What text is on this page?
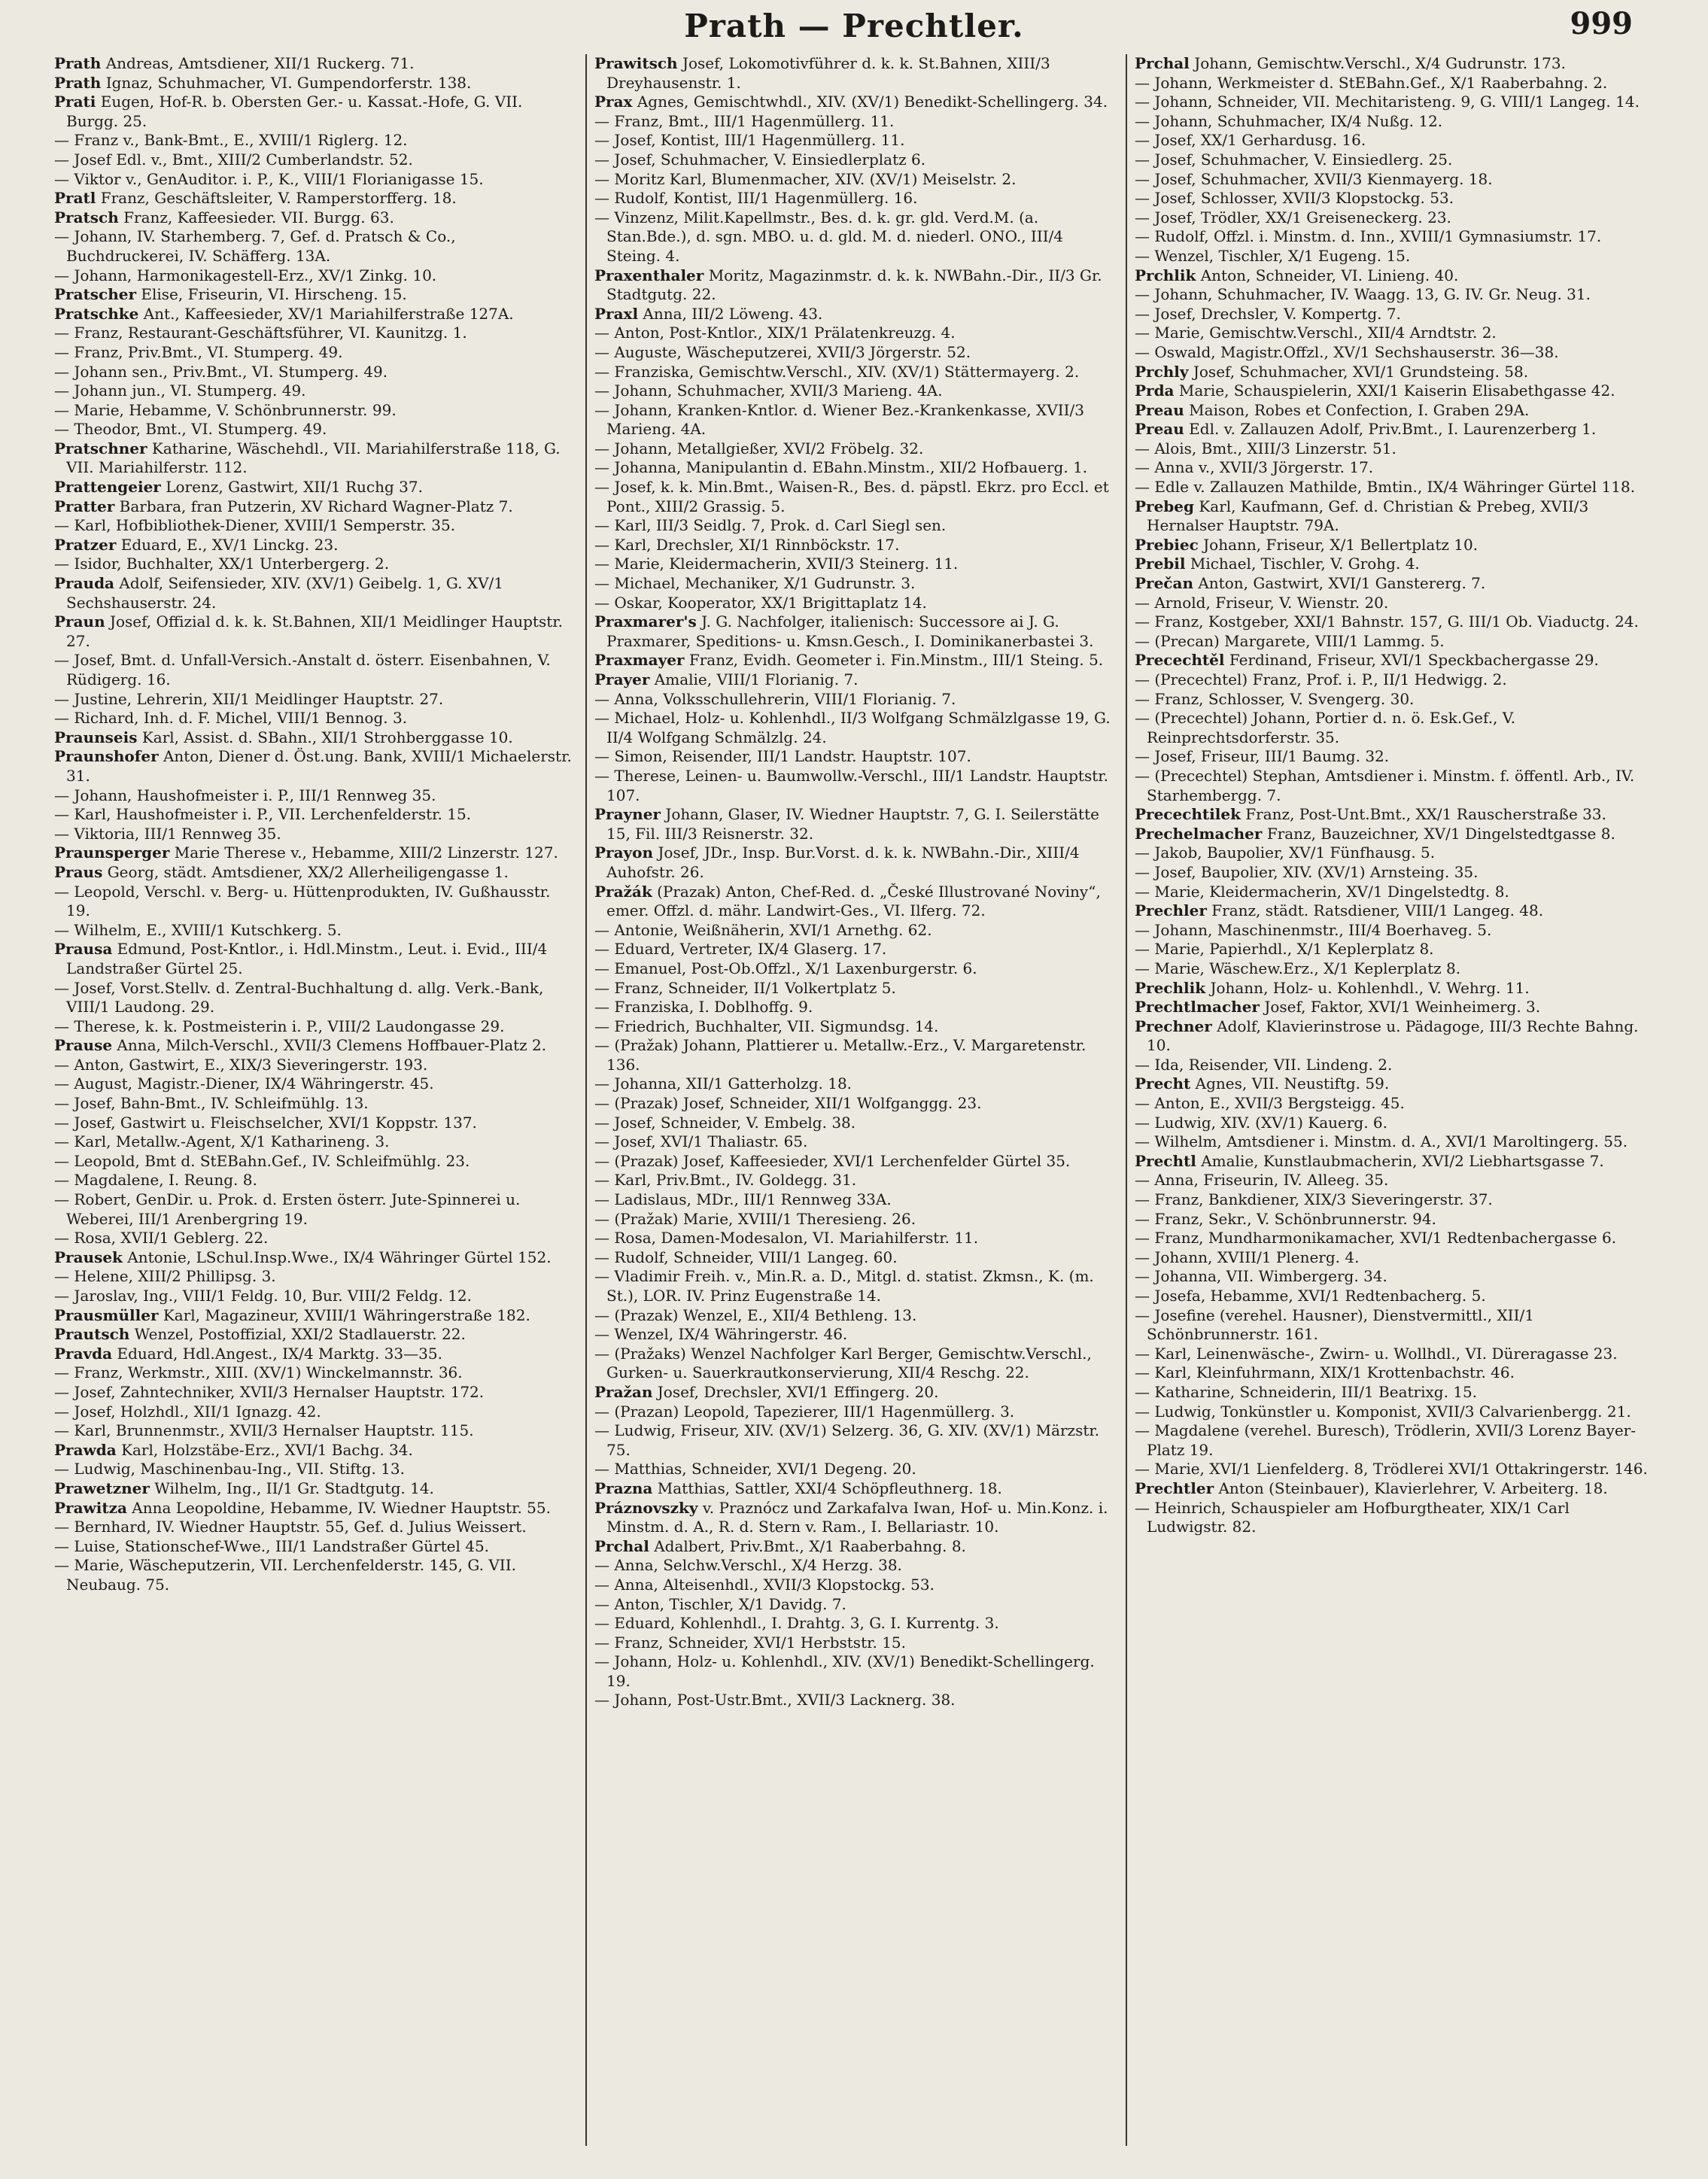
Prath — Prechtler.	999
Prath Andreas, Amtsdiener, XII/1 Ruckerg. 71.
Prath Ignaz, Schuhmacher, VI. Gumpendorferstr. 138.
Prati Eugen, Hof-R. b. Obersten Ger.- u. Kassat.-Hofe, G. VII. Burgg. 25.
— Franz v., Bank-Bmt., E., XVIII/1 Riglerg. 12.
— Josef Edl. v., Bmt., XIII/2 Cumberlandstr. 52.
— Viktor v., GenAuditor. i. P., K., VIII/1 Florianigasse 15.
Pratl Franz, Geschäftsleiter, V. Ramperstorfferg. 18.
Pratsch Franz, Kaffeesieder. VII. Burgg. 63.
— Johann, IV. Starhemberg. 7, Gef. d. Pratsch & Co., Buchdruckerei, IV. Schäfferg. 13A.
— Johann, Harmonikagestell-Erz., XV/1 Zinkg. 10.
Pratscher Elise, Friseurin, VI. Hirscheng. 15.
Pratschke Ant., Kaffeesieder, XV/1 Mariahilferstraße 127A.
— Franz, Restaurant-Geschäftsführer, VI. Kaunitzg. 1.
— Franz, Priv.Bmt., VI. Stumperg. 49.
— Johann sen., Priv.Bmt., VI. Stumperg. 49.
— Johann jun., VI. Stumperg. 49.
— Marie, Hebamme, V. Schönbrunnerstr. 99.
— Theodor, Bmt., VI. Stumperg. 49.
Pratschner Katharine, Wäschehdl., VII. Mariahilferstraße 118, G. VII. Mariahilferstr. 112.
Prattengeier Lorenz, Gastwirt, XII/1 Ruchg 37.
Pratter Barbara, fran Putzerin, XV Richard Wagner-Platz 7.
— Karl, Hofbibliothek-Diener, XVIII/1 Semperstr. 35.
Pratzer Eduard, E., XV/1 Linckg. 23.
— Isidor, Buchhalter, XX/1 Unterbergerg. 2.
Prauda Adolf, Seifensieder, XIV. (XV/1) Geibelg. 1, G. XV/1 Sechshauserstr. 24.
Praun Josef, Offizial d. k. k. St.Bahnen, XII/1 Meidlinger Hauptstr. 27.
— Josef, Bmt. d. Unfall-Versich.-Anstalt d. österr. Eisenbahnen, V. Rüdigerg. 16.
— Justine, Lehrerin, XII/1 Meidlinger Hauptstr. 27.
— Richard, Inh. d. F. Michel, VIII/1 Bennog. 3.
Praunseis Karl, Assist. d. SBahn., XII/1 Strohberggasse 10.
Praunshofer Anton, Diener d. Öst.ung. Bank, XVIII/1 Michaelerstr. 31.
— Johann, Haushofmeister i. P., III/1 Rennweg 35.
— Karl, Haushofmeister i. P., VII. Lerchenfelderstr. 15.
— Viktoria, III/1 Rennweg 35.
Praunsperger Marie Therese v., Hebamme, XIII/2 Linzerstr. 127.
Praus Georg, städt. Amtsdiener, XX/2 Allerheiligengasse 1.
— Leopold, Verschl. v. Berg- u. Hüttenprodukten, IV. Gußhausstr. 19.
— Wilhelm, E., XVIII/1 Kutschkerg. 5.
Prausa Edmund, Post-Kntlor., i. Hdl.Minstm., Leut. i. Evid., III/4 Landstraßer Gürtel 25.
— Josef, Vorst.Stellv. d. Zentral-Buchhaltung d. allg. Verk.-Bank, VIII/1 Laudong. 29.
— Therese, k. k. Postmeisterin i. P., VIII/2 Laudongasse 29.
Prause Anna, Milch-Verschl., XVII/3 Clemens Hoffbauer-Platz 2.
— Anton, Gastwirt, E., XIX/3 Sieveringerstr. 193.
— August, Magistr.-Diener, IX/4 Währingerstr. 45.
— Josef, Bahn-Bmt., IV. Schleifmühlg. 13.
— Josef, Gastwirt u. Fleischselcher, XVI/1 Koppstr. 137.
— Karl, Metallw.-Agent, X/1 Katharineng. 3.
— Leopold, Bmt d. StEBahn.Gef., IV. Schleifmühlg. 23.
— Magdalene, I. Reung. 8.
— Robert, GenDir. u. Prok. d. Ersten österr. Jute-Spinnerei u. Weberei, III/1 Arenbergring 19.
— Rosa, XVII/1 Geblerg. 22.
Prausek Antonie, LSchul.Insp.Wwe., IX/4 Währinger Gürtel 152.
— Helene, XIII/2 Phillipsg. 3.
— Jaroslav, Ing., VIII/1 Feldg. 10, Bur. VIII/2 Feldg. 12.
Prausmüller Karl, Magazineur, XVIII/1 Währingerstraße 182.
Prautsch Wenzel, Postoffizial, XXI/2 Stadlauerstr. 22.
Pravda Eduard, Hdl.Angest., IX/4 Marktg. 33—35.
— Franz, Werkmstr., XIII. (XV/1) Winckelmannstr. 36.
— Josef, Zahntechniker, XVII/3 Hernalser Hauptstr. 172.
— Josef, Holzhdl., XII/1 Ignazg. 42.
— Karl, Brunnenmstr., XVII/3 Hernalser Hauptstr. 115.
Prawda Karl, Holzstäbe-Erz., XVI/1 Bachg. 34.
— Ludwig, Maschinenbau-Ing., VII. Stiftg. 13.
Prawetzner Wilhelm, Ing., II/1 Gr. Stadtgutg. 14.
Prawitza Anna Leopoldine, Hebamme, IV. Wiedner Hauptstr. 55.
— Bernhard, IV. Wiedner Hauptstr. 55, Gef. d. Julius Weissert.
— Luise, Stationschef-Wwe., III/1 Landstraßer Gürtel 45.
— Marie, Wäscheputzerin, VII. Lerchenfelderstr. 145, G. VII. Neubaug. 75.
Prawitsch Josef, Lokomotivführer d. k. k. St.Bahnen, XIII/3 Dreyhausenstr. 1.
Prax Agnes, Gemischtwhdl., XIV. (XV/1) Benedikt-Schellingerg. 34.
— Franz, Bmt., III/1 Hagenmüllerg. 11.
— Josef, Kontist, III/1 Hagenmüllerg. 11.
— Josef, Schuhmacher, V. Einsiedlerplatz 6.
— Moritz Karl, Blumenmacher, XIV. (XV/1) Meiselstr. 2.
— Rudolf, Kontist, III/1 Hagenmüllerg. 16.
— Vinzenz, Milit.Kapellmstr., Bes. d. k. gr. gld. Verd.M. (a. Stan.Bde.), d. sgn. MBO. u. d. gld. M. d. niederl. ONO., III/4 Steing. 4.
Praxenthaler Moritz, Magazinmstr. d. k. k. NWBahn.-Dir., II/3 Gr. Stadtgutg. 22.
Praxl Anna, III/2 Löweng. 43.
— Anton, Post-Kntlor., XIX/1 Prälatenkreuzg. 4.
— Auguste, Wäscheputzerei, XVII/3 Jörgerstr. 52.
— Franziska, Gemischtw.Verschl., XIV. (XV/1) Stättermayerg. 2.
— Johann, Schuhmacher, XVII/3 Marieng. 4A.
— Johann, Kranken-Kntlor. d. Wiener Bez.-Krankenkasse, XVII/3 Marieng. 4A.
— Johann, Metallgießer, XVI/2 Fröbelg. 32.
— Johanna, Manipulantin d. EBahn.Minstm., XII/2 Hofbauerg. 1.
— Josef, k. k. Min.Bmt., Waisen-R., Bes. d. päpstl. Ekrz. pro Eccl. et Pont., XIII/2 Grassig. 5.
— Karl, III/3 Seidlg. 7, Prok. d. Carl Siegl sen.
— Karl, Drechsler, XI/1 Rinnböckstr. 17.
— Marie, Kleidermacherin, XVII/3 Steinerg. 11.
— Michael, Mechaniker, X/1 Gudrunstr. 3.
— Oskar, Kooperator, XX/1 Brigittaplatz 14.
Praxmarer's J. G. Nachfolger, italienisch: Successore ai J. G. Praxmarer, Speditions- u. Kmsn.Gesch., I. Dominikanerbastei 3.
Praxmayer Franz, Evidh. Geometer i. Fin.Minstm., III/1 Steing. 5.
Prayer Amalie, VIII/1 Florianig. 7.
— Anna, Volksschullehrerin, VIII/1 Florianig. 7.
— Michael, Holz- u. Kohlenhdl., II/3 Wolfgang Schmälzlgasse 19, G. II/4 Wolfgang Schmälzlg. 24.
— Simon, Reisender, III/1 Landstr. Hauptstr. 107.
— Therese, Leinen- u. Baumwollw.-Verschl., III/1 Landstr. Hauptstr. 107.
Prayner Johann, Glaser, IV. Wiedner Hauptstr. 7, G. I. Seilerstätte 15, Fil. III/3 Reisnerstr. 32.
Prayon Josef, JDr., Insp. Bur.Vorst. d. k. k. NWBahn.-Dir., XIII/4 Auhofstr. 26.
Pražák (Prazak) Anton, Chef-Red. d. „České Illustrované Noviny“, emer. Offzl. d. mähr. Landwirt-Ges., VI. Ilferg. 72.
— Antonie, Weißnäherin, XVI/1 Arnethg. 62.
— Eduard, Vertreter, IX/4 Glaserg. 17.
— Emanuel, Post-Ob.Offzl., X/1 Laxenburgerstr. 6.
— Franz, Schneider, II/1 Volkertplatz 5.
— Franziska, I. Doblhoffg. 9.
— Friedrich, Buchhalter, VII. Sigmundsg. 14.
— (Pražak) Johann, Plattierer u. Metallw.-Erz., V. Margaretenstr. 136.
— Johanna, XII/1 Gatterholzg. 18.
— (Prazak) Josef, Schneider, XII/1 Wolfganggg. 23.
— Josef, Schneider, V. Embelg. 38.
— Josef, XVI/1 Thaliastr. 65.
— (Prazak) Josef, Kaffeesieder, XVI/1 Lerchenfelder Gürtel 35.
— Karl, Priv.Bmt., IV. Goldegg. 31.
— Ladislaus, MDr., III/1 Rennweg 33A.
— (Pražak) Marie, XVIII/1 Theresieng. 26.
— Rosa, Damen-Modesalon, VI. Mariahilferstr. 11.
— Rudolf, Schneider, VIII/1 Langeg. 60.
— Vladimir Freih. v., Min.R. a. D., Mitgl. d. statist. Zkmsn., K. (m. St.), LOR. IV. Prinz Eugenstraße 14.
— (Prazak) Wenzel, E., XII/4 Bethleng. 13.
— Wenzel, IX/4 Währingerstr. 46.
— (Pražaks) Wenzel Nachfolger Karl Berger, Gemischtw.Verschl., Gurken- u. Sauerkrautkonservierung, XII/4 Reschg. 22.
Pražan Josef, Drechsler, XVI/1 Effingerg. 20.
— (Prazan) Leopold, Tapezierer, III/1 Hagenmüllerg. 3.
— Ludwig, Friseur, XIV. (XV/1) Selzerg. 36, G. XIV. (XV/1) Märzstr. 75.
— Matthias, Schneider, XVI/1 Degeng. 20.
Prazna Matthias, Sattler, XXI/4 Schöpfleuthnerg. 18.
Práznovszky v. Praznócz und Zarkafalva Iwan, Hof- u. Min.Konz. i. Minstm. d. A., R. d. Stern v. Ram., I. Bellariastr. 10.
Prchal Adalbert, Priv.Bmt., X/1 Raaberbahng. 8.
— Anna, Selchw.Verschl., X/4 Herzg. 38.
— Anna, Alteisenhdl., XVII/3 Klopstockg. 53.
— Anton, Tischler, X/1 Davidg. 7.
— Eduard, Kohlenhdl., I. Drahtg. 3, G. I. Kurrentg. 3.
— Franz, Schneider, XVI/1 Herbststr. 15.
— Johann, Holz- u. Kohlenhdl., XIV. (XV/1) Benedikt-Schellingerg. 19.
— Johann, Post-Ustr.Bmt., XVII/3 Lacknerg. 38.
Prchal Johann, Gemischtw.Verschl., X/4 Gudrunstr. 173.
— Johann, Werkmeister d. StEBahn.Gef., X/1 Raaberbahng. 2.
— Johann, Schneider, VII. Mechitaristeng. 9, G. VIII/1 Langeg. 14.
— Johann, Schuhmacher, IX/4 Nußg. 12.
— Josef, XX/1 Gerhardusg. 16.
— Josef, Schuhmacher, V. Einsiedlerg. 25.
— Josef, Schuhmacher, XVII/3 Kienmayerg. 18.
— Josef, Schlosser, XVII/3 Klopstockg. 53.
— Josef, Trödler, XX/1 Greiseneckerg. 23.
— Rudolf, Offzl. i. Minstm. d. Inn., XVIII/1 Gymnasiumstr. 17.
— Wenzel, Tischler, X/1 Eugeng. 15.
Prchlik Anton, Schneider, VI. Linieng. 40.
— Johann, Schuhmacher, IV. Waagg. 13, G. IV. Gr. Neug. 31.
— Josef, Drechsler, V. Kompertg. 7.
— Marie, Gemischtw.Verschl., XII/4 Arndtstr. 2.
— Oswald, Magistr.Offzl., XV/1 Sechshauserstr. 36—38.
Prchly Josef, Schuhmacher, XVI/1 Grundsteing. 58.
Prda Marie, Schauspielerin, XXI/1 Kaiserin Elisabethgasse 42.
Preau Maison, Robes et Confection, I. Graben 29A.
Preau Edl. v. Zallauzen Adolf, Priv.Bmt., I. Laurenzerberg 1.
— Alois, Bmt., XIII/3 Linzerstr. 51.
— Anna v., XVII/3 Jörgerstr. 17.
— Edle v. Zallauzen Mathilde, Bmtin., IX/4 Währinger Gürtel 118.
Prebeg Karl, Kaufmann, Gef. d. Christian & Prebeg, XVII/3 Hernalser Hauptstr. 79A.
Prebiec Johann, Friseur, X/1 Bellertplatz 10.
Prebil Michael, Tischler, V. Grohg. 4.
Prečan Anton, Gastwirt, XVI/1 Ganstererg. 7.
— Arnold, Friseur, V. Wienstr. 20.
— Franz, Kostgeber, XXI/1 Bahnstr. 157, G. III/1 Ob. Viaductg. 24.
— (Precan) Margarete, VIII/1 Lammg. 5.
Precechtěl Ferdinand, Friseur, XVI/1 Speckbachergasse 29.
— (Precechtel) Franz, Prof. i. P., II/1 Hedwigg. 2.
— Franz, Schlosser, V. Svengerg. 30.
— (Precechtel) Johann, Portier d. n. ö. Esk.Gef., V. Reinprechtsdorferstr. 35.
— Josef, Friseur, III/1 Baumg. 32.
— (Precechtel) Stephan, Amtsdiener i. Minstm. f. öffentl. Arb., IV. Starhembergg. 7.
Precechtilek Franz, Post-Unt.Bmt., XX/1 Rauscherstraße 33.
Prechelmacher Franz, Bauzeichner, XV/1 Dingelstedtgasse 8.
— Jakob, Baupolier, XV/1 Fünfhausg. 5.
— Josef, Baupolier, XIV. (XV/1) Arnsteing. 35.
— Marie, Kleidermacherin, XV/1 Dingelstedtg. 8.
Prechler Franz, städt. Ratsdiener, VIII/1 Langeg. 48.
— Johann, Maschinenmstr., III/4 Boerhaveg. 5.
— Marie, Papierhdl., X/1 Keplerplatz 8.
— Marie, Wäschew.Erz., X/1 Keplerplatz 8.
Prechlik Johann, Holz- u. Kohlenhdl., V. Wehrg. 11.
Prechtlmacher Josef, Faktor, XVI/1 Weinheimerg. 3.
Prechner Adolf, Klavierinstrose u. Pädagoge, III/3 Rechte Bahng. 10.
— Ida, Reisender, VII. Lindeng. 2.
Precht Agnes, VII. Neustiftg. 59.
— Anton, E., XVII/3 Bergsteigg. 45.
— Ludwig, XIV. (XV/1) Kauerg. 6.
— Wilhelm, Amtsdiener i. Minstm. d. A., XVI/1 Maroltingerg. 55.
Prechtl Amalie, Kunstlaubmacherin, XVI/2 Liebhartsgasse 7.
— Anna, Friseurin, IV. Alleeg. 35.
— Franz, Bankdiener, XIX/3 Sieveringerstr. 37.
— Franz, Sekr., V. Schönbrunnerstr. 94.
— Franz, Mundharmonikamacher, XVI/1 Redtenbachergasse 6.
— Johann, XVIII/1 Plenerg. 4.
— Johanna, VII. Wimbergerg. 34.
— Josefa, Hebamme, XVI/1 Redtenbacherg. 5.
— Josefine (verehel. Hausner), Dienstvermittl., XII/1 Schönbrunnerstr. 161.
— Karl, Leinenwäsche-, Zwirn- u. Wollhdl., VI. Düreragasse 23.
— Karl, Kleinfuhrmann, XIX/1 Krottenbachstr. 46.
— Katharine, Schneiderin, III/1 Beatrixg. 15.
— Ludwig, Tonkünstler u. Komponist, XVII/3 Calvarienbergg. 21.
— Magdalene (verehel. Buresch), Trödlerin, XVII/3 Lorenz Bayer-Platz 19.
— Marie, XVI/1 Lienfelderg. 8, Trödlerei XVI/1 Ottakringerstr. 146.
Prechtler Anton (Steinbauer), Klavierlehrer, V. Arbeiterg. 18.
— Heinrich, Schauspieler am Hofburgtheater, XIX/1 Carl Ludwigstr. 82.
